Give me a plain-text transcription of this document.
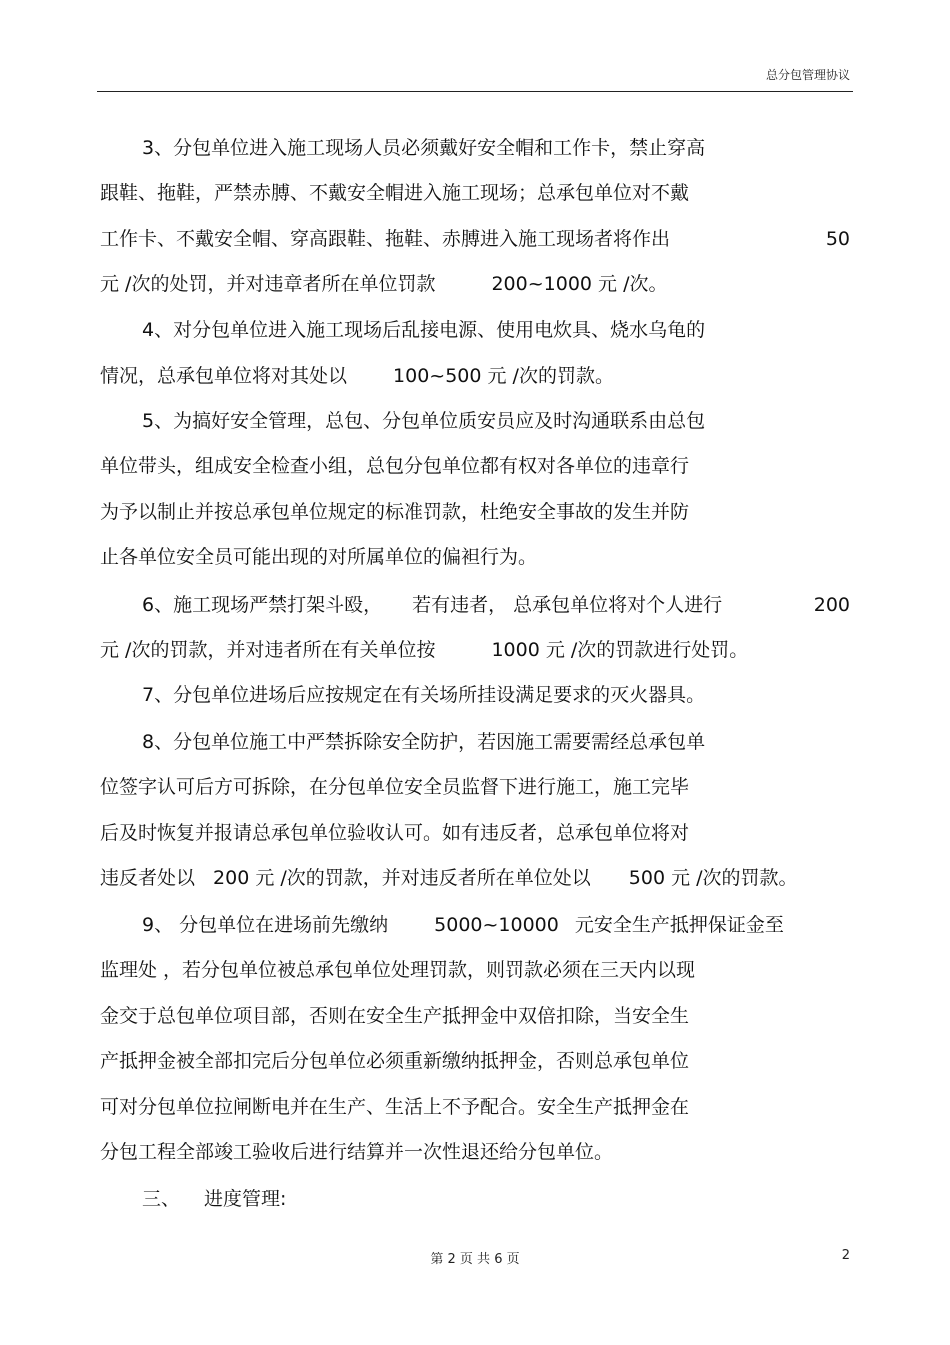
总分包管理协议
3、分包单位进入施工现场人员必须戴好安全帽和工作卡，禁止穿高
跟鞋、拖鞋，严禁赤膊、不戴安全帽进入施工现场；总承包单位对不戴
工作卡、不戴安全帽、穿高跟鞋、拖鞋、赤膊进入施工现场者将作出	50
元 /次的处罚，并对违章者所在单位罚款	200~1000 元 /次。
4、对分包单位进入施工现场后乱接电源、使用电炊具、烧水乌龟的
情况，总承包单位将对其处以 100~500 元 /次的罚款。
5、为搞好安全管理，总包、分包单位质安员应及时沟通联系由总包
单位带头，组成安全检查小组，总包分包单位都有权对各单位的违章行
为予以制止并按总承包单位规定的标准罚款，杜绝安全事故的发生并防
止各单位安全员可能出现的对所属单位的偏袒行为。
6、施工现场严禁打架斗殴， 若有违者， 总承包单位将对个人进行	200
元 /次的罚款，并对违者所在有关单位按	1000 元 /次的罚款进行处罚。
7、分包单位进场后应按规定在有关场所挂设满足要求的灭火器具。
8、分包单位施工中严禁拆除安全防护，若因施工需要需经总承包单
位签字认可后方可拆除，在分包单位安全员监督下进行施工，施工完毕
后及时恢复并报请总承包单位验收认可。如有违反者，总承包单位将对
违反者处以 200 元 /次的罚款，并对违反者所在单位处以 500 元 /次的罚款。
9、 分包单位在进场前先缴纳 5000~10000 元安全生产抵押保证金至
监理处 ，若分包单位被总承包单位处理罚款，则罚款必须在三天内以现
金交于总包单位项目部，否则在安全生产抵押金中双倍扣除，当安全生
产抵押金被全部扣完后分包单位必须重新缴纳抵押金，否则总承包单位
可对分包单位拉闸断电并在生产、生活上不予配合。安全生产抵押金在
分包工程全部竣工验收后进行结算并一次性退还给分包单位。
三、 进度管理:
第 2 页 共 6 页	2
